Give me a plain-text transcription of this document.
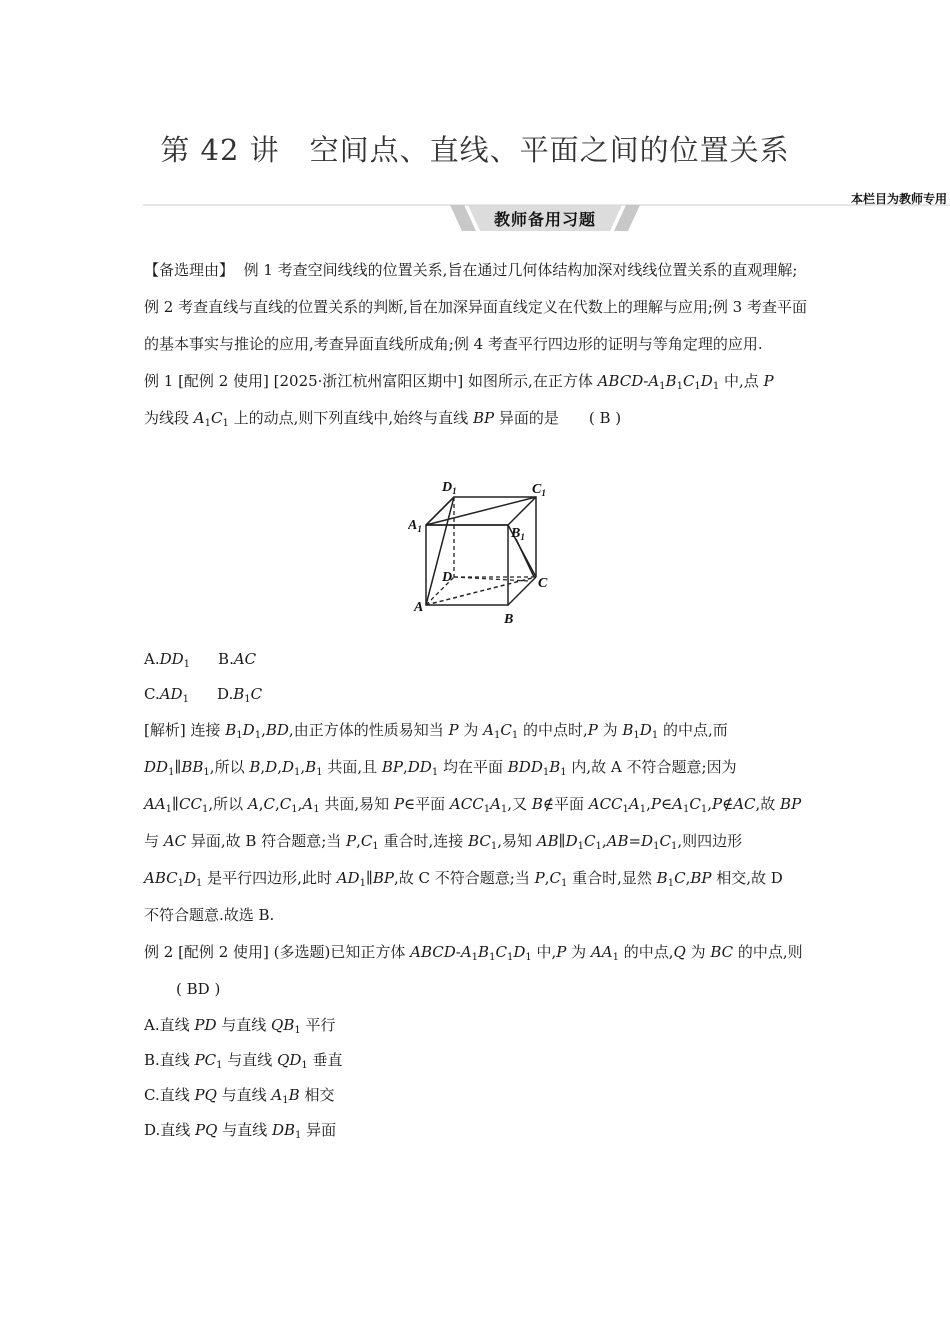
第 42 讲　空间点、直线、平面之间的位置关系
本栏目为教师专用
教师备用习题
【备选理由】 例 1 考查空间线线的位置关系,旨在通过几何体结构加深对线线位置关系的直观理解;例 2 考查直线与直线的位置关系的判断,旨在加深异面直线定义在代数上的理解与应用;例 3 考查平面的基本事实与推论的应用,考查异面直线所成角;例 4 考查平行四边形的证明与等角定理的应用.
例 1 [配例 2 使用] [2025·浙江杭州富阳区期中] 如图所示,在正方体 ABCD-$A_1B_1C_1D_1$ 中,点 P
为线段 $A_1C_1$ 上的动点,则下列直线中,始终与直线 BP 异面的是 ( B )
$D_1$	$C_1$
$A_1$	$B_1$
D	C
A
B
$A.DD_1$ B.AC
$C.AD_1$ $D.B_1C$
[解析] 连接 $B_1D_1,BD$,由正方体的性质易知当 P 为 $A_1C_1$ 的中点时,P 为 $B_1D_1$ 的中点,而
$DD_1\parallel BB_1$,所以 $B,D,D_1,B_1$ 共面,且 $BP,DD_1$ 均在平面 $BDD_1B_1$ 内,故 A 不符合题意;因为
$AA_1\parallel CC_1$,所以 $A,C,C_1,A_1$ 共面,易知 P∈平面 $ACC_1A_1$,又 B∉平面 $ACC_1A_1,P\in A_1C_1,P\notin AC$,故 BP
与 AC 异面,故 B 符合题意;当 $P,C_1$ 重合时,连接 $BC_1$,易知 $AB\parallel D_1C_1,AB=D_1C_1$,则四边形
$ABC_1D_1$ 是平行四边形,此时 $AD_1\parallel BP$,故 C 不符合题意;当 $P,C_1$ 重合时,显然 $B_1C,BP$ 相交,故 D
不符合题意.故选 B.
例 2 [配例 2 使用] (多选题)已知正方体 ABCD-$A_1B_1C_1D_1$ 中,P 为 $AA_1$ 的中点,Q 为 BC 的中点,则
( BD )
A.直线 PD 与直线 $QB_1$ 平行
B.直线 $PC_1$ 与直线 $QD_1$ 垂直
C.直线 PQ 与直线 $A_1B$ 相交
D.直线 PQ 与直线 $DB_1$ 异面
